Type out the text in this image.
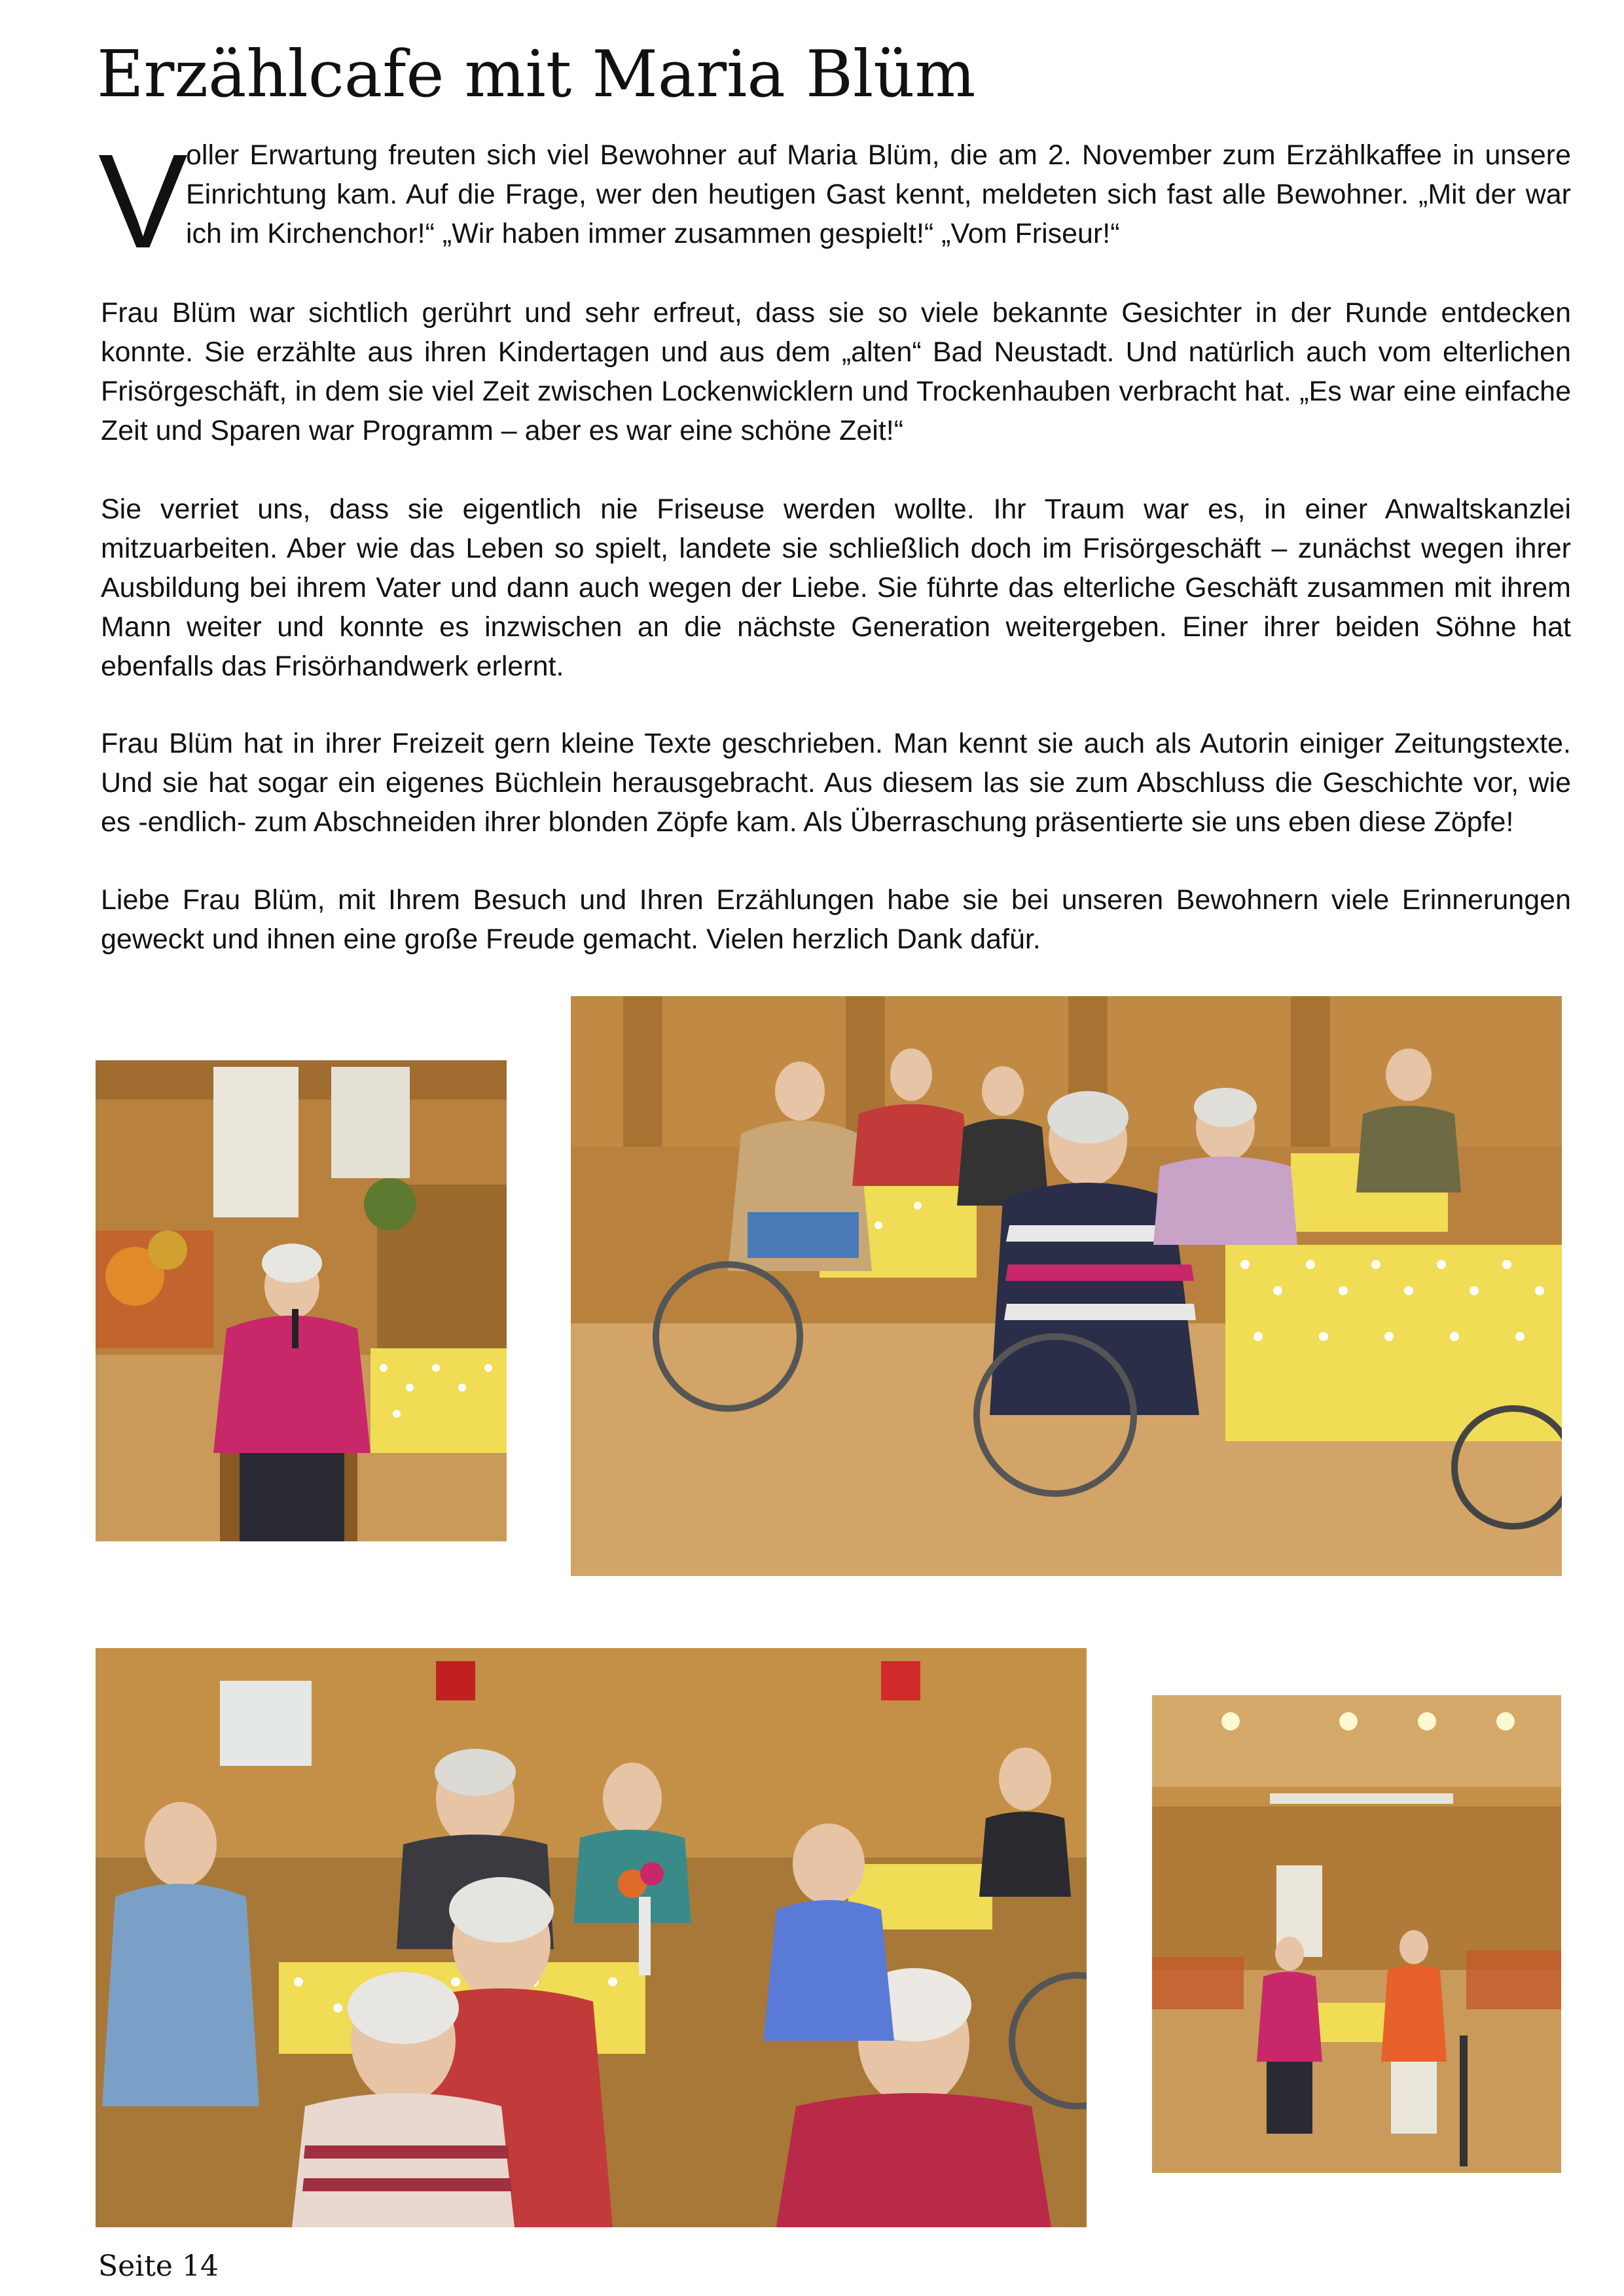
Erzählcafe mit Maria Blüm
V

oller Erwartung freuten sich viel Bewohner auf Maria Blüm, die am 2. November zum Erzählkaffee in unsere Einrichtung kam. Auf die Frage, wer den heutigen Gast kennt, meldeten sich fast alle Bewohner. „Mit der war ich im Kirchenchor!“ „Wir haben immer zusammen gespielt!“ „Vom Friseur!“

Frau Blüm war sichtlich gerührt und sehr erfreut, dass sie so viele bekannte Gesichter in der Runde entdecken konnte. Sie erzählte aus ihren Kindertagen und aus dem „alten“ Bad Neustadt. Und natürlich auch vom elterlichen Frisörgeschäft, in dem sie viel Zeit zwischen Lockenwicklern und Trockenhauben verbracht hat. „Es war eine einfache Zeit und Sparen war Programm – aber es war eine schöne Zeit!“

Sie verriet uns, dass sie eigentlich nie Friseuse werden wollte. Ihr Traum war es, in einer Anwaltskanzlei mitzuarbeiten. Aber wie das Leben so spielt, landete sie schließlich doch im Frisörgeschäft – zunächst wegen ihrer Ausbildung bei ihrem Vater und dann auch wegen der Liebe. Sie führte das elterliche Geschäft zusammen mit ihrem Mann weiter und konnte es inzwischen an die nächste Generation weitergeben. Einer ihrer beiden Söhne hat ebenfalls das Frisörhandwerk erlernt.

Frau Blüm hat in ihrer Freizeit gern kleine Texte geschrieben. Man kennt sie auch als Autorin einiger Zeitungstexte. Und sie hat sogar ein eigenes Büchlein herausgebracht. Aus diesem las sie zum Abschluss die Geschichte vor, wie es -endlich- zum Abschneiden ihrer blonden Zöpfe kam. Als Überraschung präsentierte sie uns eben diese Zöpfe!

Liebe Frau Blüm, mit Ihrem Besuch und Ihren Erzählungen habe sie bei unseren Bewohnern viele Erinnerungen geweckt und ihnen eine große Freude gemacht. Vielen herzlich Dank dafür.

Seite 14
